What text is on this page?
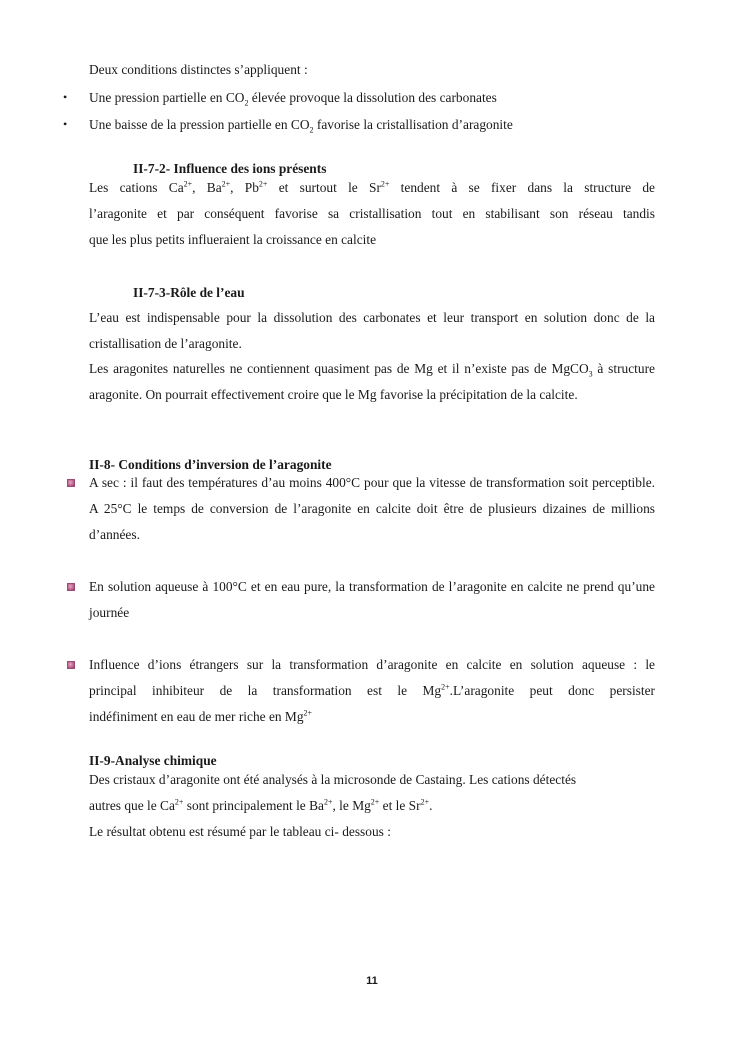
Deux conditions distinctes s’appliquent :
• Une pression partielle en $CO_2$ élevée provoque la dissolution des carbonates
• Une baisse de la pression partielle en $CO_2$ favorise la cristallisation d’aragonite
II-7-2- Influence des ions présents
Les cations $Ca^{2+}$, $Ba^{2+}$, $Pb^{2+}$ et surtout le $Sr^{2+}$ tendent à se fixer dans la structure de
l’aragonite et par conséquent favorise sa cristallisation tout en stabilisant son réseau tandis
que les plus petits influeraient la croissance en calcite
II-7-3-Rôle de l’eau
L’eau est indispensable pour la dissolution des carbonates et leur transport en solution donc de la cristallisation de l’aragonite.
Les aragonites naturelles ne contiennent quasiment pas de Mg et il n’existe pas de MgCO$_3$ à structure aragonite. On pourrait effectivement croire que le Mg favorise la précipitation de la calcite.
II-8- Conditions d’inversion de l’aragonite
A sec : il faut des températures d’au moins 400°C pour que la vitesse de transformation soit perceptible. A 25°C le temps de conversion de l’aragonite en calcite doit être de plusieurs dizaines de millions d’années.
En solution aqueuse à 100°C et en eau pure, la transformation de l’aragonite en calcite ne prend qu’une journée
Influence d’ions étrangers sur la transformation d’aragonite en calcite en solution aqueuse : le
principal inhibiteur de la transformation est le $Mg^{2+}.L’aragonite$ peut donc persister
indéfiniment en eau de mer riche en $Mg^{2+}$
II-9-Analyse chimique
Des cristaux d’aragonite ont été analysés à la microsonde de Castaing. Les cations détectés
autres que le $Ca^{2+}$ sont principalement le $Ba^{2+}$, le $Mg^{2+}$ et le $Sr^{2+}$.
Le résultat obtenu est résumé par le tableau ci- dessous :
11
